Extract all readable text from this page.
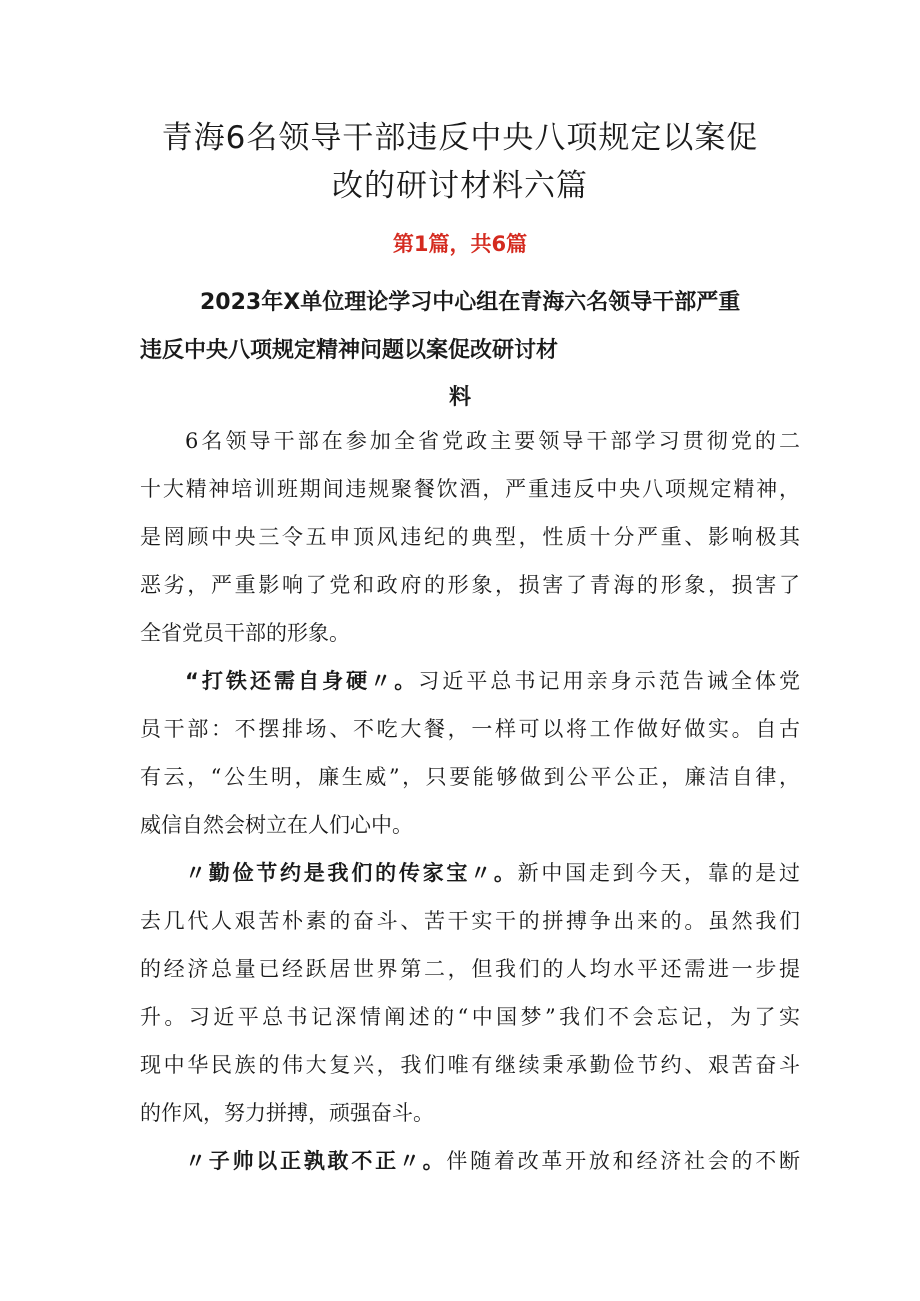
青海6名领导干部违反中央八项规定以案促
改的研讨材料六篇
第1篇，共6篇
2023年X单位理论学习中心组在青海六名领导干部严重
违反中央八项规定精神问题以案促改研讨材
料
6名领导干部在参加全省党政主要领导干部学习贯彻党的二
十大精神培训班期间违规聚餐饮酒，严重违反中央八项规定精神，
是罔顾中央三令五申顶风违纪的典型，性质十分严重、影响极其
恶劣，严重影响了党和政府的形象，损害了青海的形象，损害了
全省党员干部的形象。
“打铁还需自身硬〃。习近平总书记用亲身示范告诫全体党
员干部：不摆排场、不吃大餐，一样可以将工作做好做实。自古
有云，“公生明，廉生威”，只要能够做到公平公正，廉洁自律，
威信自然会树立在人们心中。
〃勤俭节约是我们的传家宝〃。新中国走到今天，靠的是过
去几代人艰苦朴素的奋斗、苦干实干的拼搏争出来的。虽然我们
的经济总量已经跃居世界第二，但我们的人均水平还需进一步提
升。习近平总书记深情阐述的“中国梦”我们不会忘记，为了实
现中华民族的伟大复兴，我们唯有继续秉承勤俭节约、艰苦奋斗
的作风，努力拼搏，顽强奋斗。
〃子帅以正孰敢不正〃。伴随着改革开放和经济社会的不断
